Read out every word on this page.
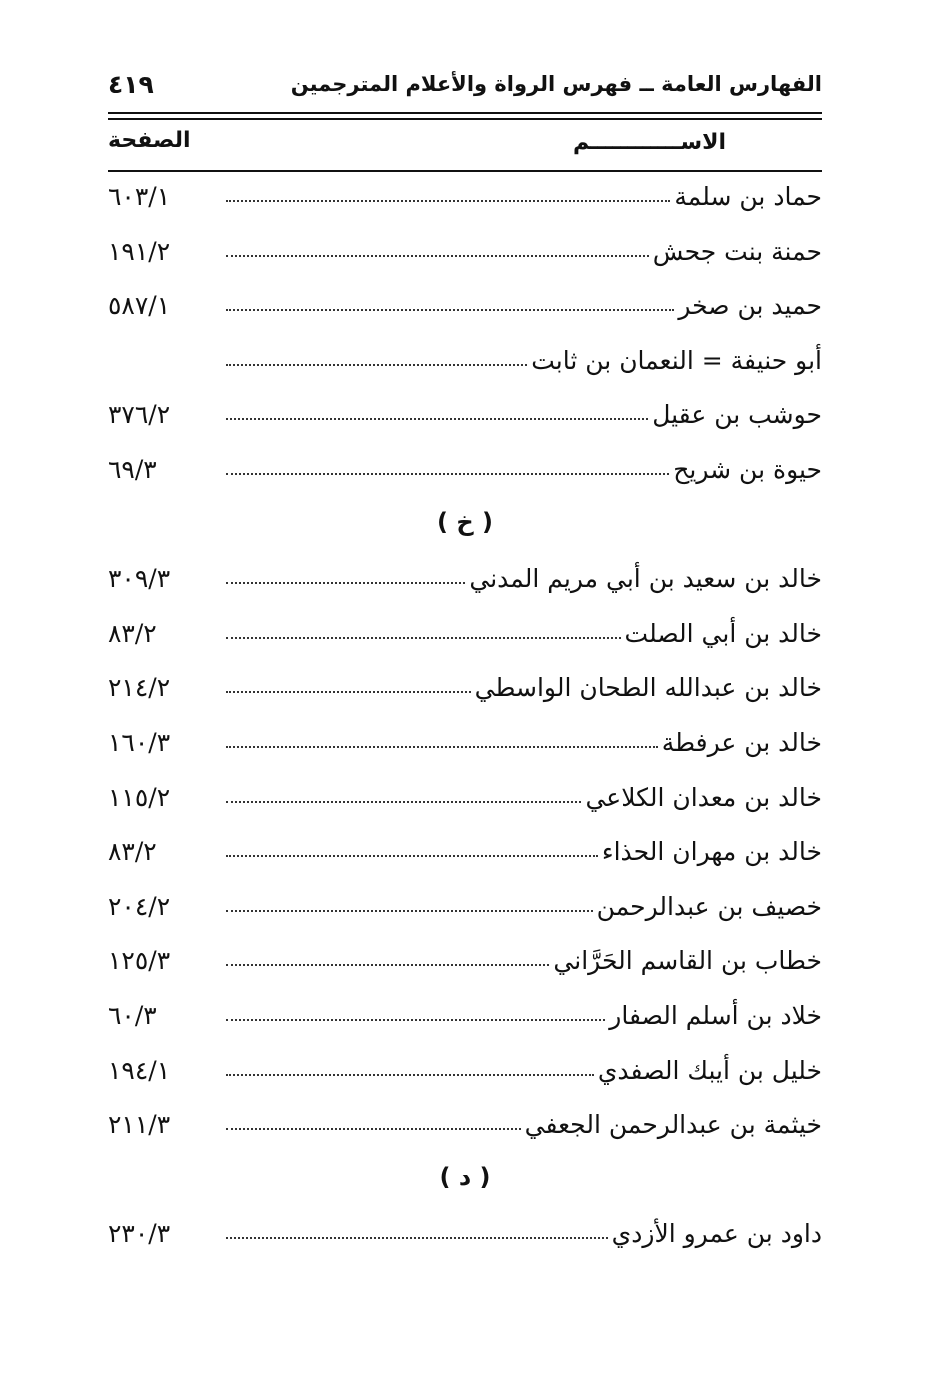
الفهارس العامة ــ فهرس الرواة والأعلام المترجمين
٤١٩
الاســــــــــــم
الصفحة
٦٠٣/١	حماد بن سلمة
١٩١/٢	حمنة بنت جحش
٥٨٧/١	حميد بن صخر
أبو حنيفة = النعمان بن ثابت
٣٧٦/٢	حوشب بن عقيل
٦٩/٣	حيوة بن شريح
( خ )
٣٠٩/٣	خالد بن سعيد بن أبي مريم المدني
٨٣/٢	خالد بن أبي الصلت
٢١٤/٢	خالد بن عبدالله الطحان الواسطي
١٦٠/٣	خالد بن عرفطة
١١٥/٢	خالد بن معدان الكلاعي
٨٣/٢	خالد بن مهران الحذاء
٢٠٤/٢	خصيف بن عبدالرحمن
١٢٥/٣	خطاب بن القاسم الحَرَّاني
٦٠/٣	خلاد بن أسلم الصفار
١٩٤/١	خليل بن أيبك الصفدي
٢١١/٣	خيثمة بن عبدالرحمن الجعفي
( د )
٢٣٠/٣	داود بن عمرو الأزدي
